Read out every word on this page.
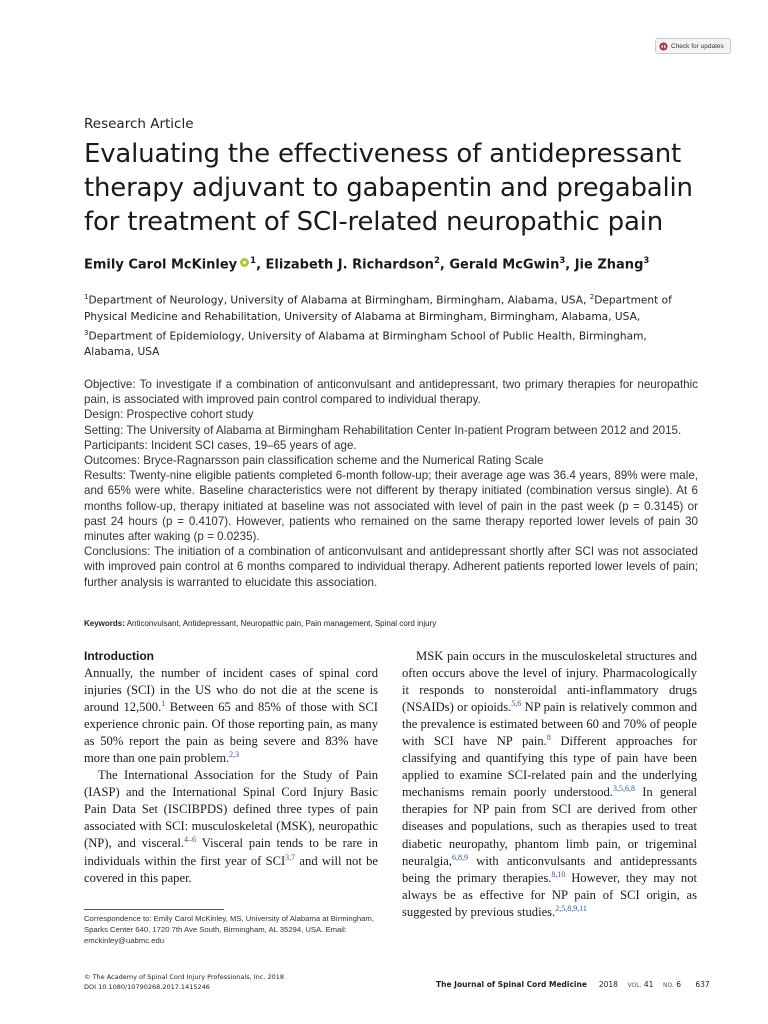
Check for updates
Research Article
Evaluating the effectiveness of antidepressant therapy adjuvant to gabapentin and pregabalin for treatment of SCI-related neuropathic pain
Emily Carol McKinley $^1$, Elizabeth J. Richardson$^2$, Gerald McGwin$^3$, Jie Zhang$^3$
$^1$Department of Neurology, University of Alabama at Birmingham, Birmingham, Alabama, USA, $^2$Department of Physical Medicine and Rehabilitation, University of Alabama at Birmingham, Birmingham, Alabama, USA,
$^3$Department of Epidemiology, University of Alabama at Birmingham School of Public Health, Birmingham, Alabama, USA

Objective: To investigate if a combination of anticonvulsant and antidepressant, two primary therapies for neuropathic pain, is associated with improved pain control compared to individual therapy.

Design: Prospective cohort study

Setting: The University of Alabama at Birmingham Rehabilitation Center In-patient Program between 2012 and 2015.

Participants: Incident SCI cases, 19–65 years of age.

Outcomes: Bryce-Ragnarsson pain classification scheme and the Numerical Rating Scale

Results: Twenty-nine eligible patients completed 6-month follow-up; their average age was 36.4 years, 89% were male, and 65% were white. Baseline characteristics were not different by therapy initiated (combination versus single). At 6 months follow-up, therapy initiated at baseline was not associated with level of pain in the past week (p = 0.3145) or past 24 hours (p = 0.4107). However, patients who remained on the same therapy reported lower levels of pain 30 minutes after waking (p = 0.0235).

Conclusions: The initiation of a combination of anticonvulsant and antidepressant shortly after SCI was not associated with improved pain control at 6 months compared to individual therapy. Adherent patients reported lower levels of pain; further analysis is warranted to elucidate this association.

Keywords: Anticonvulsant, Antidepressant, Neuropathic pain, Pain management, Spinal cord injury
Introduction

Annually, the number of incident cases of spinal cord injuries (SCI) in the US who do not die at the scene is around 12,500.$^1$ Between 65 and 85% of those with SCI experience chronic pain. Of those reporting pain, as many as 50% report the pain as being severe and 83% have more than one pain problem.$^{2,3}$

The International Association for the Study of Pain (IASP) and the International Spinal Cord Injury Basic Pain Data Set (ISCIBPDS) defined three types of pain associated with SCI: musculoskeletal (MSK), neuropathic (NP), and visceral.$^{4-6}$ Visceral pain tends to be rare in individuals within the first year of SCI$^{3,7}$ and will not be covered in this paper.

MSK pain occurs in the musculoskeletal structures and often occurs above the level of injury. Pharmacologically it responds to nonsteroidal anti-inflammatory drugs (NSAIDs) or opioids.$^{5,6}$ NP pain is relatively common and the prevalence is estimated between 60 and 70% of people with SCI have NP pain.$^8$ Different approaches for classifying and quantifying this type of pain have been applied to examine SCI-related pain and the underlying mechanisms remain poorly understood.$^{3,5,6,8}$ In general therapies for NP pain from SCI are derived from other diseases and populations, such as therapies used to treat diabetic neuropathy, phantom limb pain, or trigeminal neuralgia,$^{6,8,9}$ with anticonvulsants and antidepressants being the primary therapies.$^{8,10}$ However, they may not always be as effective for NP pain of SCI origin, as suggested by previous studies.$^{2,5,8,9,11}$

Correspondence to: Emily Carol McKinley, MS, University of Alabama at Birmingham, Sparks Center 640, 1720 7th Ave South, Birmingham, AL 35294, USA. Email: emckinley@uabmc.edu
© The Academy of Spinal Cord Injury Professionals, Inc. 2018
DOI 10.1080/10790268.2017.1415246	The Journal of Spinal Cord Medicine 2018 VOL. 41 NO. 6 637
